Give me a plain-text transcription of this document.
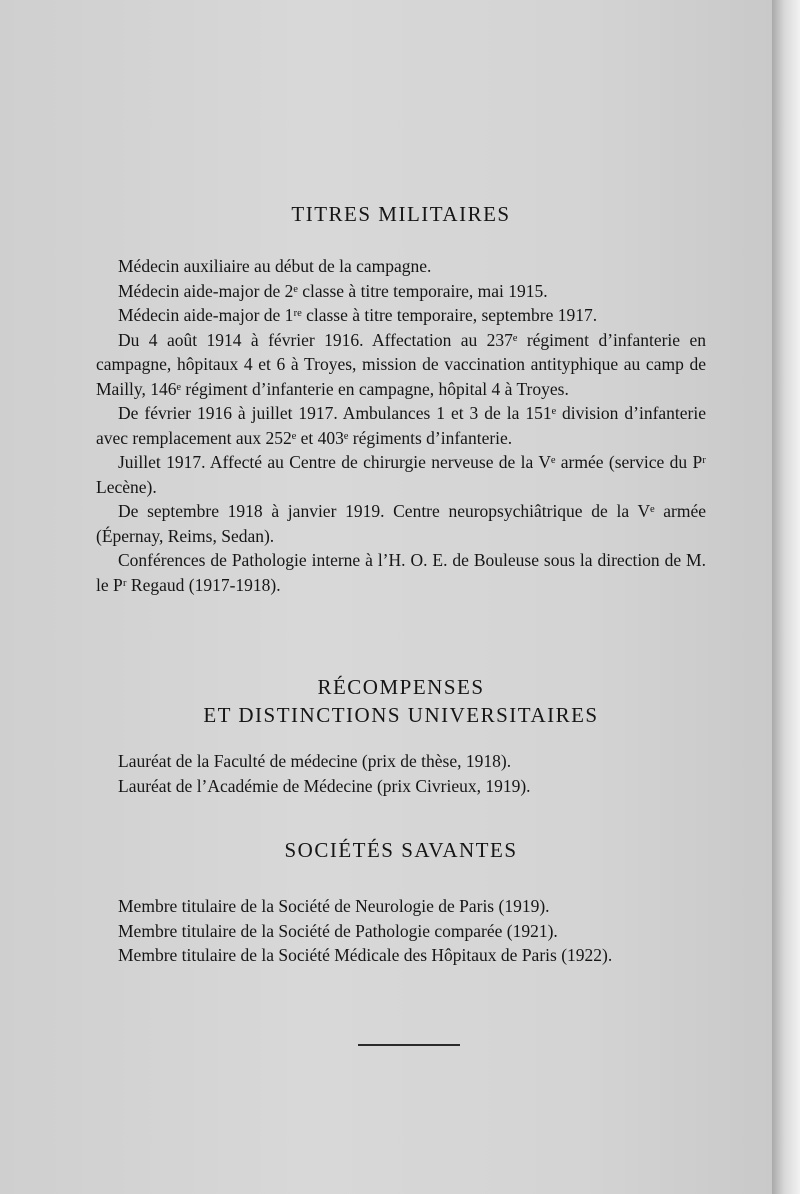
TITRES MILITAIRES

Médecin auxiliaire au début de la campagne.

Médecin aide-major de 2ᵉ classe à titre temporaire, mai 1915.

Médecin aide-major de 1ʳᵉ classe à titre temporaire, septembre 1917.

Du 4 août 1914 à février 1916. Affectation au 237ᵉ régiment d’infanterie en campagne, hôpitaux 4 et 6 à Troyes, mission de vaccination antityphique au camp de Mailly, 146ᵉ régiment d’infanterie en campagne, hôpital 4 à Troyes.

De février 1916 à juillet 1917. Ambulances 1 et 3 de la 151ᵉ division d’infanterie avec remplacement aux 252ᵉ et 403ᵉ régiments d’infanterie.

Juillet 1917. Affecté au Centre de chirurgie nerveuse de la Vᵉ armée (service du Pʳ Lecène).

De septembre 1918 à janvier 1919. Centre neuropsychiâtrique de la Vᵉ armée (Épernay, Reims, Sedan).

Conférences de Pathologie interne à l’H. O. E. de Bouleuse sous la direction de M. le Pʳ Regaud (1917-1918).

RÉCOMPENSES
ET DISTINCTIONS UNIVERSITAIRES

Lauréat de la Faculté de médecine (prix de thèse, 1918).

Lauréat de l’Académie de Médecine (prix Civrieux, 1919).

SOCIÉTÉS SAVANTES

Membre titulaire de la Société de Neurologie de Paris (1919).

Membre titulaire de la Société de Pathologie comparée (1921).

Membre titulaire de la Société Médicale des Hôpitaux de Paris (1922).
